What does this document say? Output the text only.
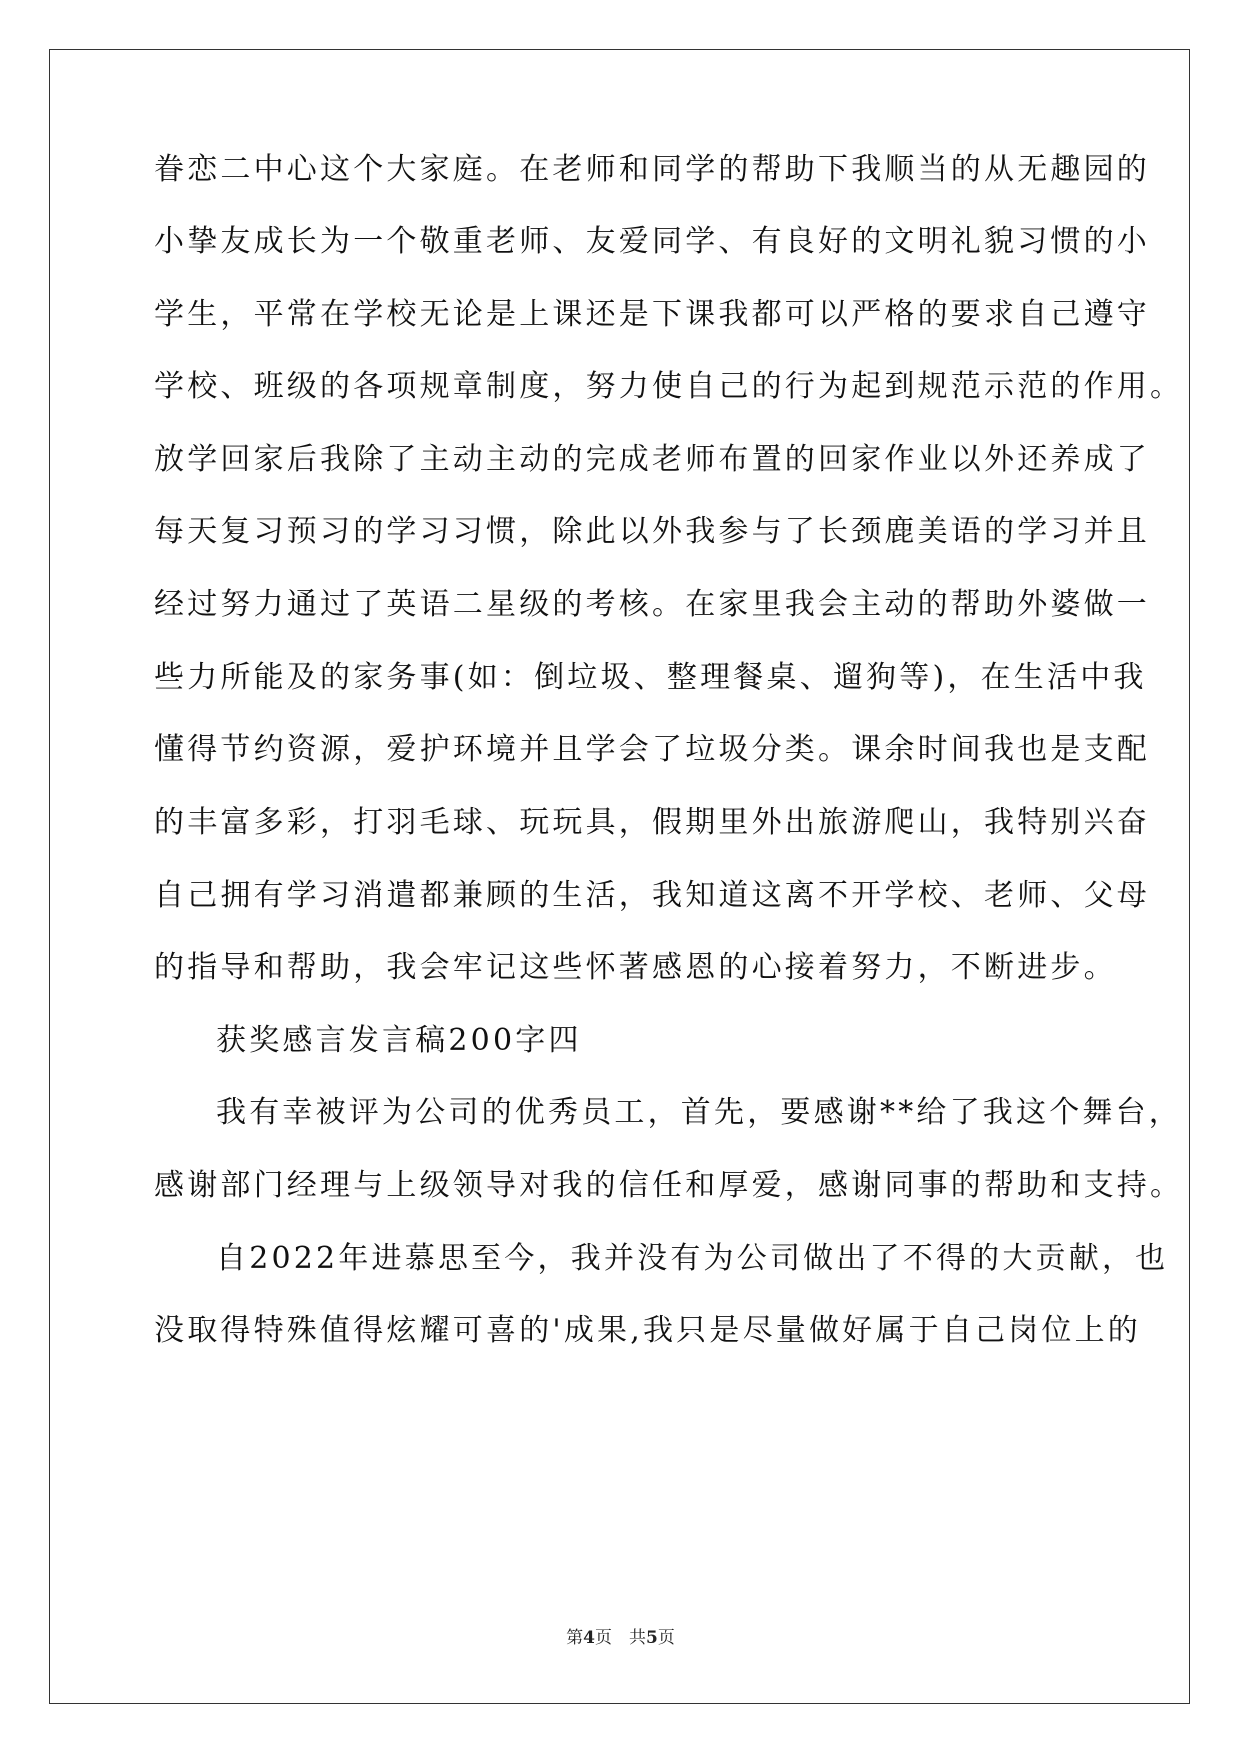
眷恋二中心这个大家庭。在老师和同学的帮助下我顺当的从无趣园的
小挚友成长为一个敬重老师、友爱同学、有良好的文明礼貌习惯的小
学生，平常在学校无论是上课还是下课我都可以严格的要求自己遵守
学校、班级的各项规章制度，努力使自己的行为起到规范示范的作用。
放学回家后我除了主动主动的完成老师布置的回家作业以外还养成了
每天复习预习的学习习惯，除此以外我参与了长颈鹿美语的学习并且
经过努力通过了英语二星级的考核。在家里我会主动的帮助外婆做一
些力所能及的家务事(如：倒垃圾、整理餐桌、遛狗等)，在生活中我
懂得节约资源，爱护环境并且学会了垃圾分类。课余时间我也是支配
的丰富多彩，打羽毛球、玩玩具，假期里外出旅游爬山，我特别兴奋
自己拥有学习消遣都兼顾的生活，我知道这离不开学校、老师、父母
的指导和帮助，我会牢记这些怀著感恩的心接着努力，不断进步。
获奖感言发言稿200字四
我有幸被评为公司的优秀员工，首先，要感谢**给了我这个舞台，
感谢部门经理与上级领导对我的信任和厚爱，感谢同事的帮助和支持。
自2022年进慕思至今，我并没有为公司做出了不得的大贡献，也
没取得特殊值得炫耀可喜的'成果,我只是尽量做好属于自己岗位上的
第4页　共5页
